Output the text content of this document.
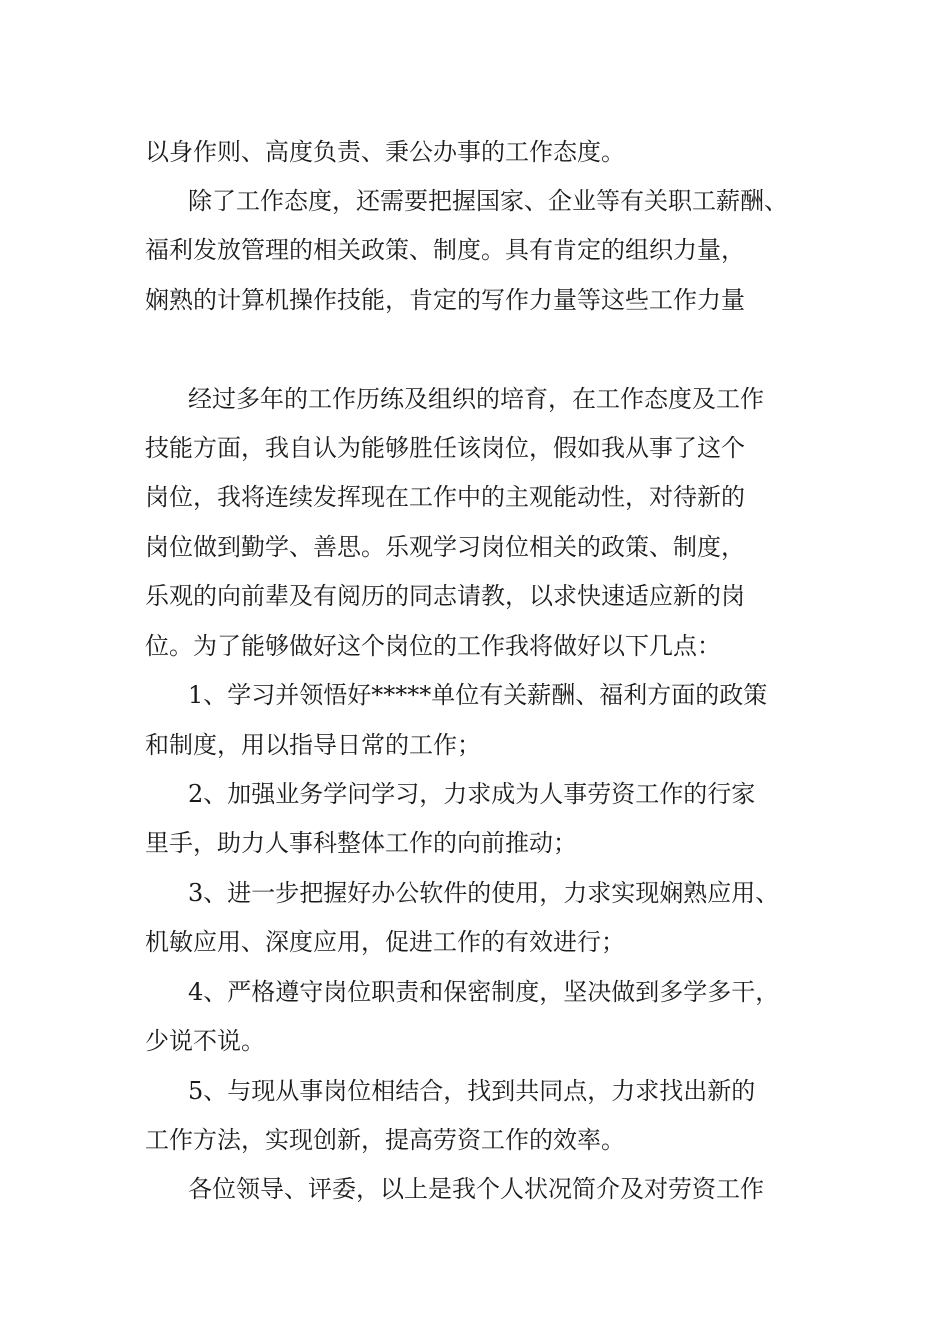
以身作则、高度负责、秉公办事的工作态度。
除了工作态度，还需要把握国家、企业等有关职工薪酬、
福利发放管理的相关政策、制度。具有肯定的组织力量，
娴熟的计算机操作技能，肯定的写作力量等这些工作力量
经过多年的工作历练及组织的培育，在工作态度及工作
技能方面，我自认为能够胜任该岗位，假如我从事了这个
岗位，我将连续发挥现在工作中的主观能动性，对待新的
岗位做到勤学、善思。乐观学习岗位相关的政策、制度，
乐观的向前辈及有阅历的同志请教，以求快速适应新的岗
位。为了能够做好这个岗位的工作我将做好以下几点：
1、学习并领悟好*****单位有关薪酬、福利方面的政策
和制度，用以指导日常的工作；
2、加强业务学问学习，力求成为人事劳资工作的行家
里手，助力人事科整体工作的向前推动；
3、进一步把握好办公软件的使用，力求实现娴熟应用、
机敏应用、深度应用，促进工作的有效进行；
4、严格遵守岗位职责和保密制度，坚决做到多学多干，
少说不说。
5、与现从事岗位相结合，找到共同点，力求找出新的
工作方法，实现创新，提高劳资工作的效率。
各位领导、评委，以上是我个人状况简介及对劳资工作
